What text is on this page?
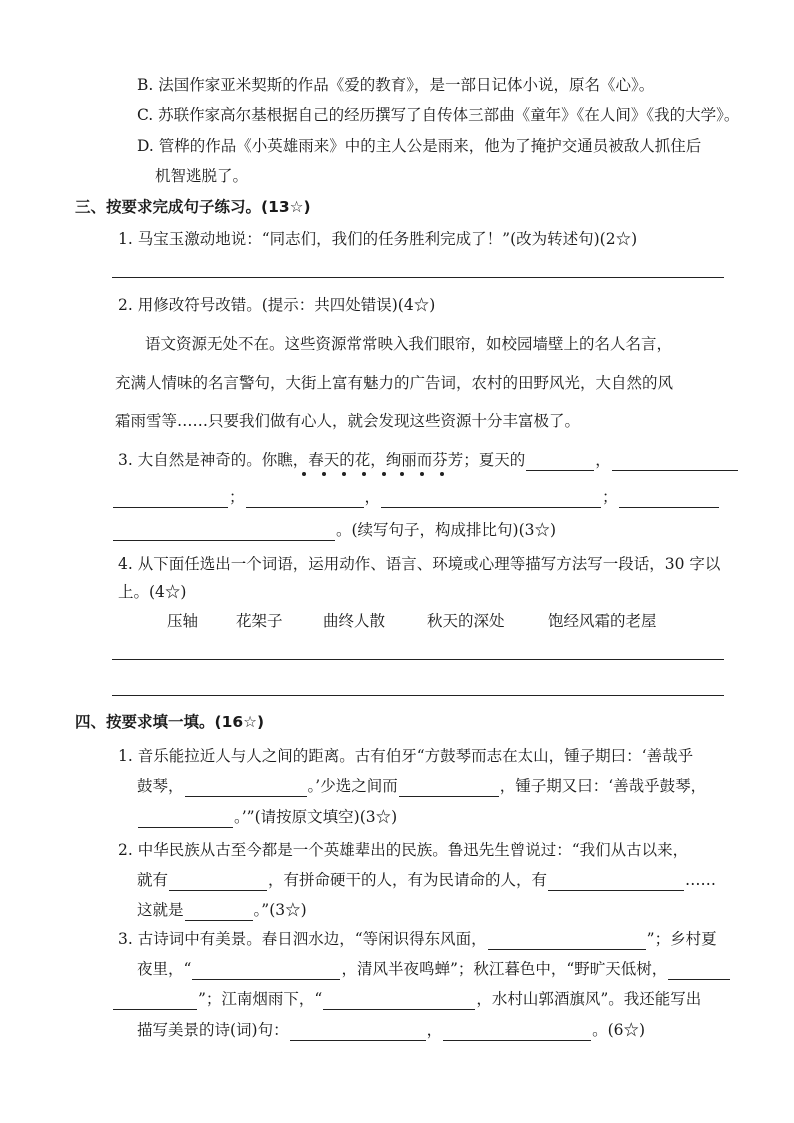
B. 法国作家亚米契斯的作品《爱的教育》，是一部日记体小说，原名《心》。
C. 苏联作家高尔基根据自己的经历撰写了自传体三部曲《童年》《在人间》《我的大学》。
D. 管桦的作品《小英雄雨来》中的主人公是雨来，他为了掩护交通员被敌人抓住后
机智逃脱了。
三、按要求完成句子练习。(13☆)
1. 马宝玉激动地说：“同志们，我们的任务胜利完成了！”(改为转述句)(2☆)
2. 用修改符号改错。(提示：共四处错误)(4☆)
语文资源无处不在。这些资源常常映入我们眼帘，如校园墙壁上的名人名言，
充满人情味的名言警句，大街上富有魅力的广告词，农村的田野风光，大自然的风
霜雨雪等……只要我们做有心人，就会发现这些资源十分丰富极了。
3. 大自然是神奇的。你瞧，春天的花，绚丽而芬芳；夏天的	，
；	，	；
。(续写句子，构成排比句)(3☆)
4. 从下面任选出一个词语，运用动作、语言、环境或心理等描写方法写一段话，30 字以
上。(4☆)
压轴 花架子	曲终人散	秋天的深处	饱经风霜的老屋
四、按要求填一填。(16☆)
1. 音乐能拉近人与人之间的距离。古有伯牙“方鼓琴而志在太山，锺子期曰：‘善哉乎
鼓琴，	。’少选之间而	，锺子期又曰：‘善哉乎鼓琴，
。’”(请按原文填空)(3☆)
2. 中华民族从古至今都是一个英雄辈出的民族。鲁迅先生曾说过：“我们从古以来，
就有	，有拼命硬干的人，有为民请命的人，有	……
这就是	。”(3☆)
3. 古诗词中有美景。春日泗水边，“等闲识得东风面，	”；乡村夏
夜里，“	，清风半夜鸣蝉”；秋江暮色中，“野旷天低树，
”；江南烟雨下，“	，水村山郭酒旗风”。我还能写出
描写美景的诗(词)句：	，	。(6☆)
